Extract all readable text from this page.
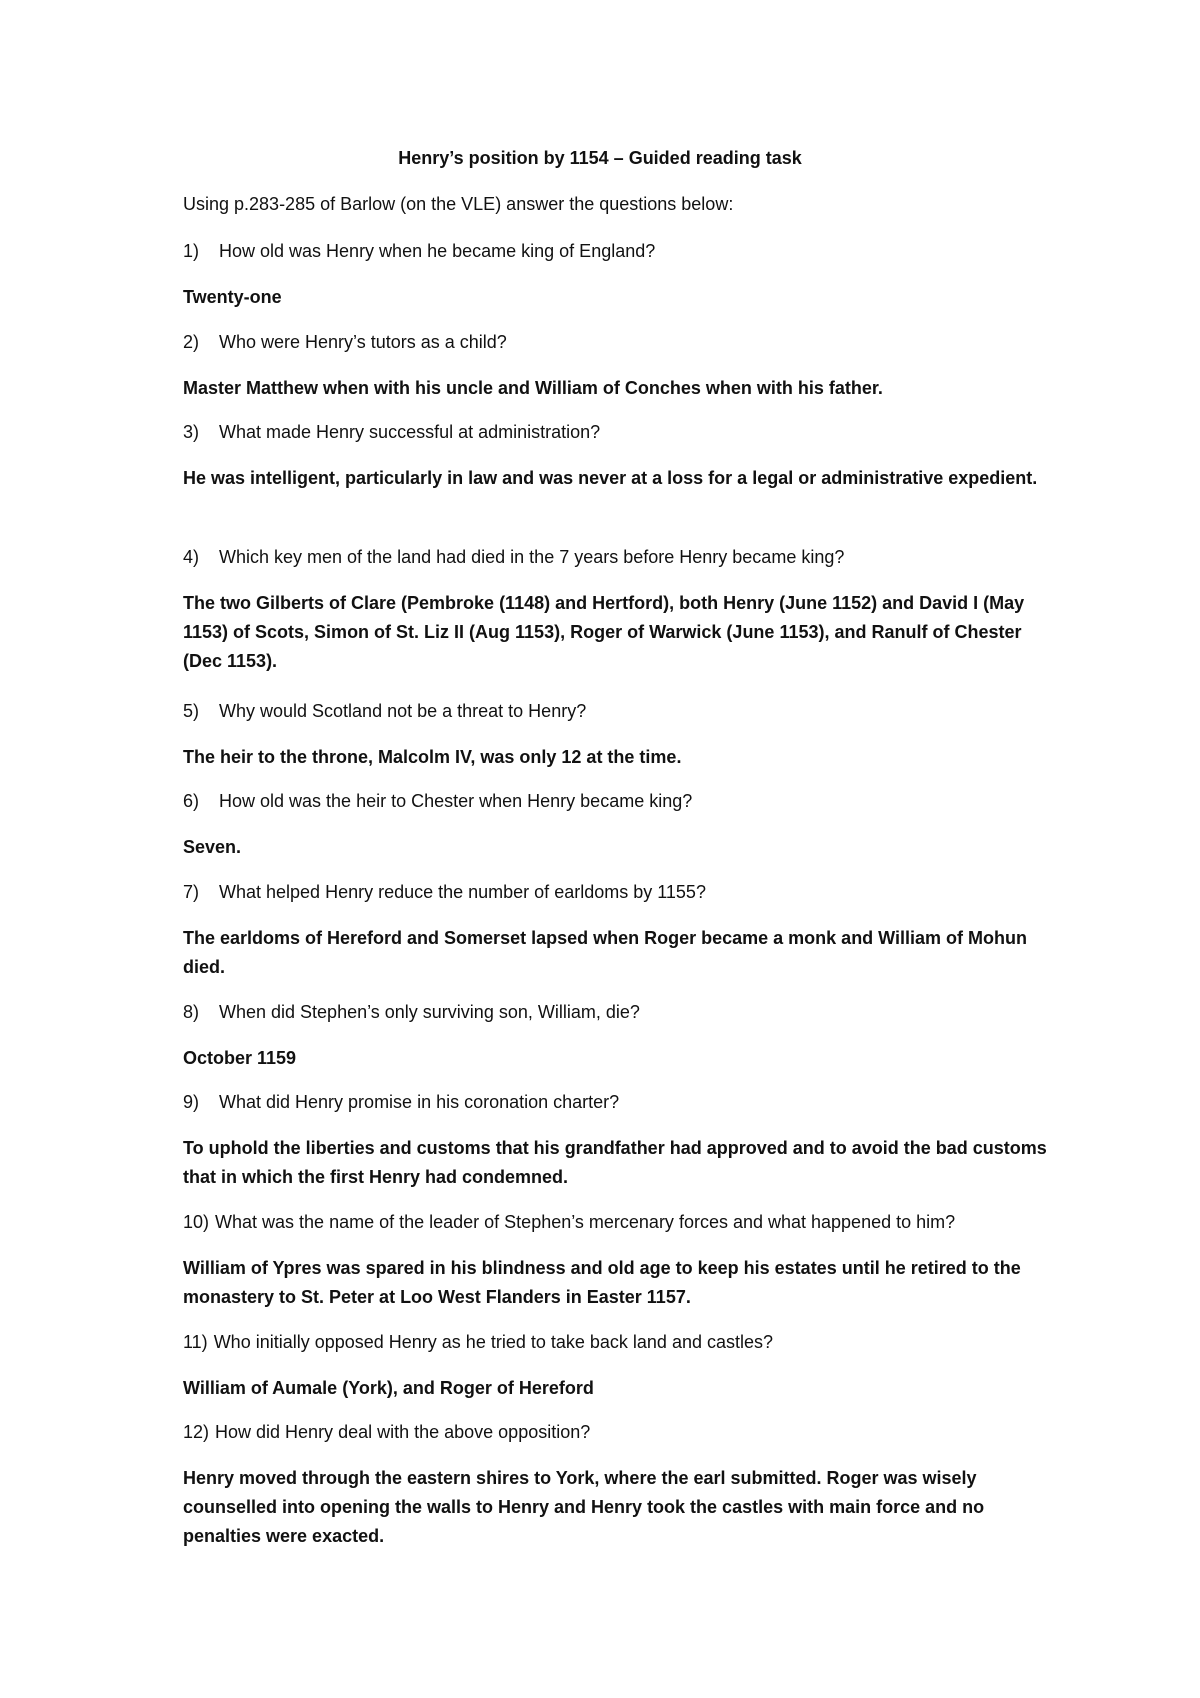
Henry’s position by 1154 – Guided reading task
Using p.283-285 of Barlow (on the VLE) answer the questions below:
1) How old was Henry when he became king of England?
Twenty-one
2) Who were Henry’s tutors as a child?
Master Matthew when with his uncle and William of Conches when with his father.
3) What made Henry successful at administration?
He was intelligent, particularly in law and was never at a loss for a legal or administrative expedient.
4) Which key men of the land had died in the 7 years before Henry became king?
The two Gilberts of Clare (Pembroke (1148) and Hertford), both Henry (June 1152) and David I (May 1153) of Scots, Simon of St. Liz II (Aug 1153), Roger of Warwick (June 1153), and Ranulf of Chester (Dec 1153).
5) Why would Scotland not be a threat to Henry?
The heir to the throne, Malcolm IV, was only 12 at the time.
6) How old was the heir to Chester when Henry became king?
Seven.
7) What helped Henry reduce the number of earldoms by 1155?
The earldoms of Hereford and Somerset lapsed when Roger became a monk and William of Mohun died.
8) When did Stephen’s only surviving son, William, die?
October 1159
9) What did Henry promise in his coronation charter?
To uphold the liberties and customs that his grandfather had approved and to avoid the bad customs that in which the first Henry had condemned.
10) What was the name of the leader of Stephen’s mercenary forces and what happened to him?
William of Ypres was spared in his blindness and old age to keep his estates until he retired to the monastery to St. Peter at Loo West Flanders in Easter 1157.
11) Who initially opposed Henry as he tried to take back land and castles?
William of Aumale (York), and Roger of Hereford
12) How did Henry deal with the above opposition?
Henry moved through the eastern shires to York, where the earl submitted. Roger was wisely counselled into opening the walls to Henry and Henry took the castles with main force and no penalties were exacted.
